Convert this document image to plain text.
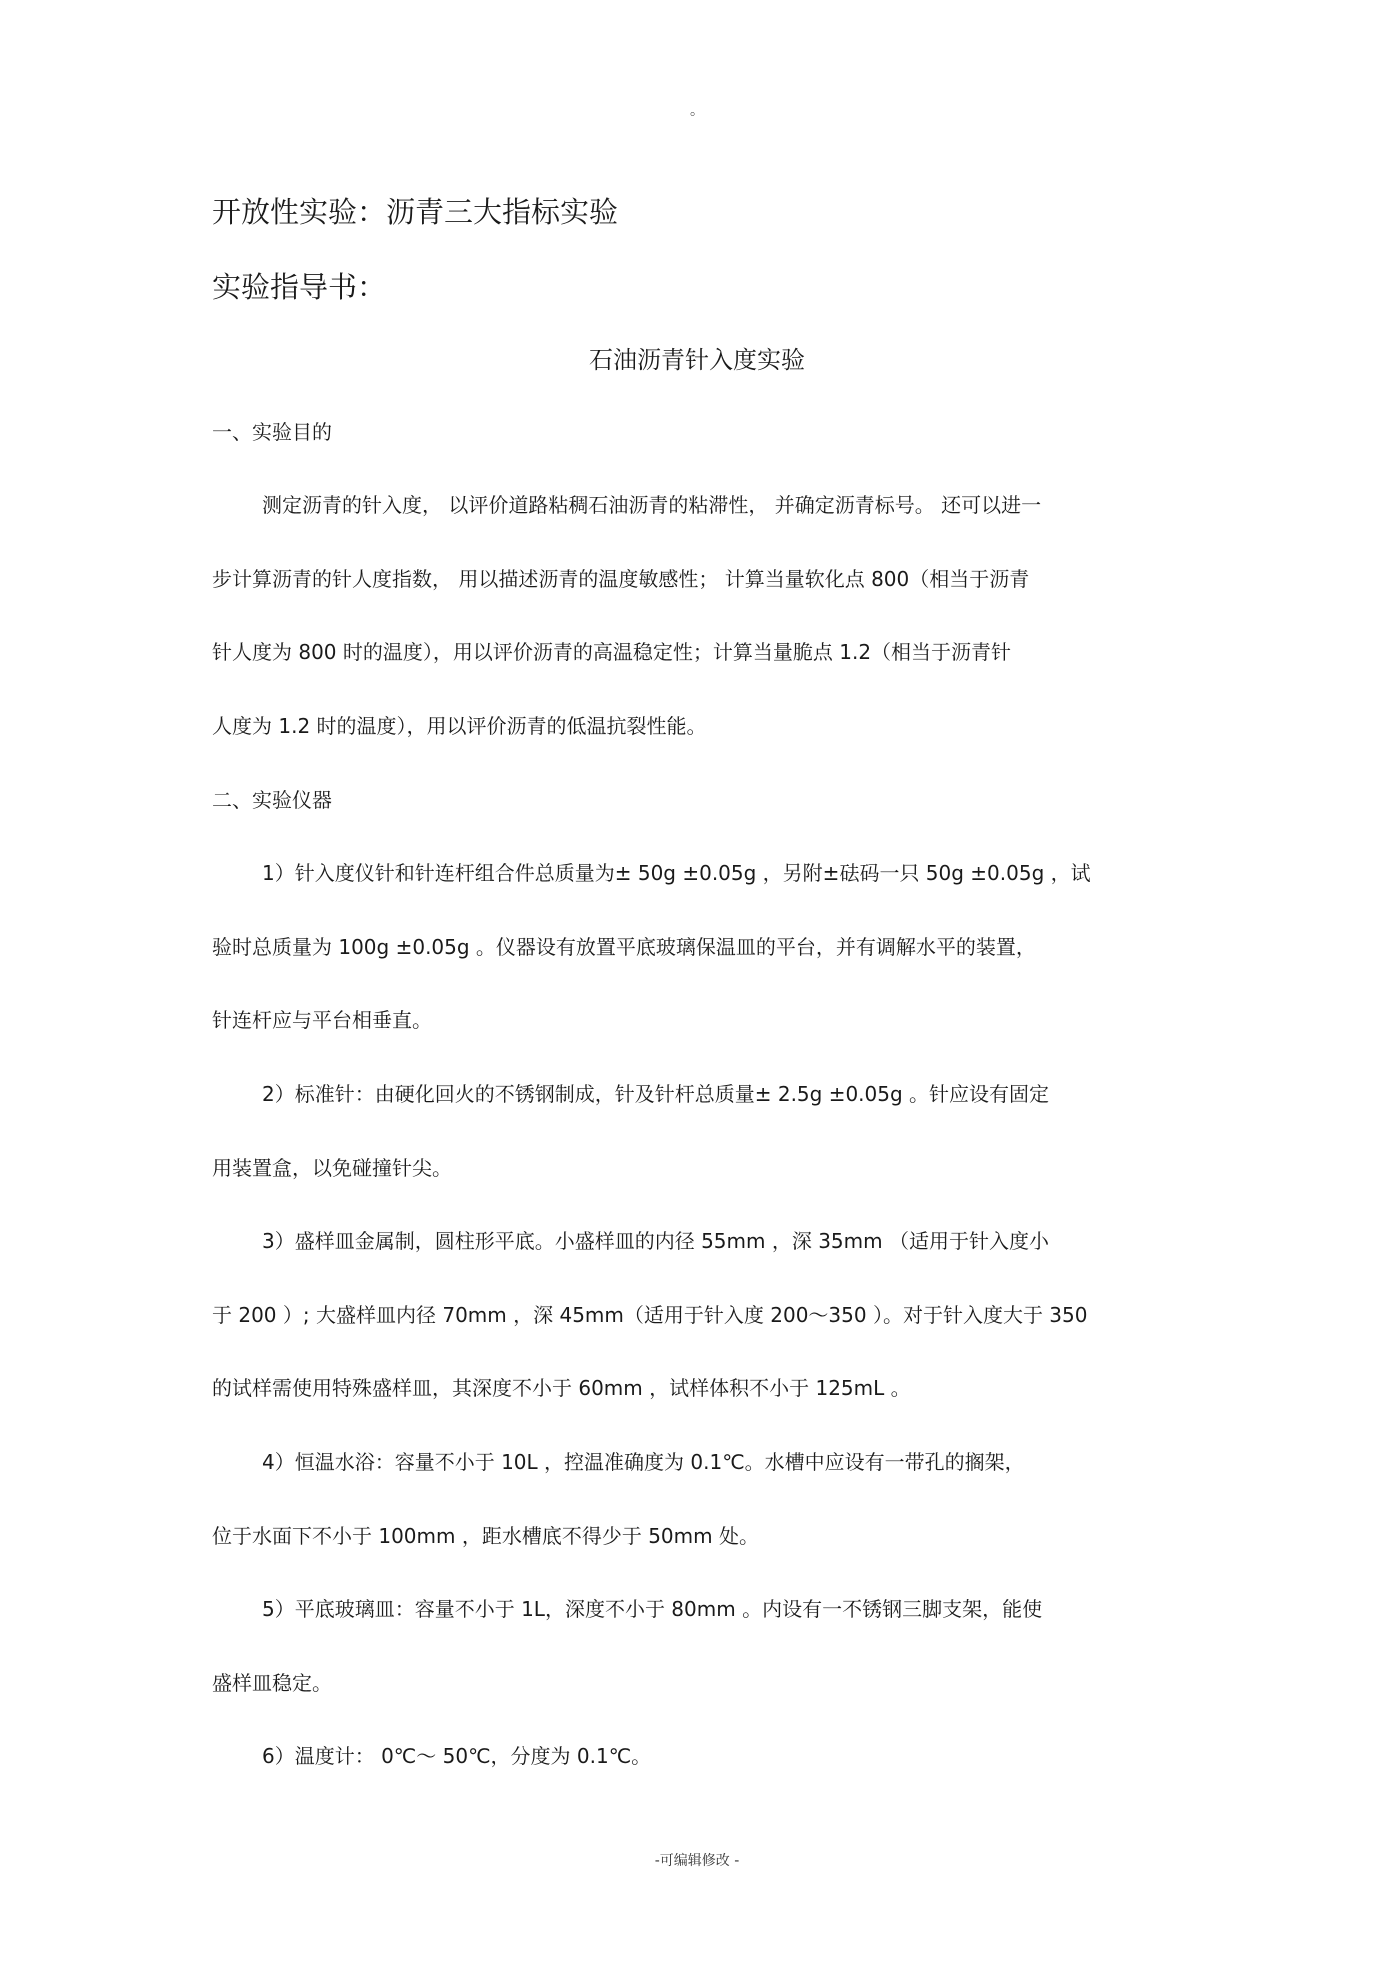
。
开放性实验：沥青三大指标实验
实验指导书：
石油沥青针入度实验
一、实验目的
测定沥青的针入度， 以评价道路粘稠石油沥青的粘滞性， 并确定沥青标号。 还可以进一
步计算沥青的针人度指数， 用以描述沥青的温度敏感性； 计算当量软化点 800（相当于沥青
针人度为 800 时的温度），用以评价沥青的高温稳定性；计算当量脆点 1.2（相当于沥青针
人度为 1.2 时的温度），用以评价沥青的低温抗裂性能。
二、实验仪器
1）针入度仪针和针连杆组合件总质量为± 50g ±0.05g ，另附±砝码一只 50g ±0.05g ，试
验时总质量为 100g ±0.05g 。仪器设有放置平底玻璃保温皿的平台，并有调解水平的装置，
针连杆应与平台相垂直。
2）标准针：由硬化回火的不锈钢制成，针及针杆总质量± 2.5g ±0.05g 。针应设有固定
用装置盒，以免碰撞针尖。
3）盛样皿金属制，圆柱形平底。小盛样皿的内径 55mm ，深 35mm （适用于针入度小
于 200 ）; 大盛样皿内径 70mm ，深 45mm（适用于针入度 200～350 ）。对于针入度大于 350
的试样需使用特殊盛样皿，其深度不小于 60mm ，试样体积不小于 125mL 。
4）恒温水浴：容量不小于 10L ，控温准确度为 0.1℃。水槽中应设有一带孔的搁架，
位于水面下不小于 100mm ，距水槽底不得少于 50mm 处。
5）平底玻璃皿：容量不小于 1L，深度不小于 80mm 。内设有一不锈钢三脚支架，能使
盛样皿稳定。
6）温度计： 0℃～ 50℃，分度为 0.1℃。
-可编辑修改 -
